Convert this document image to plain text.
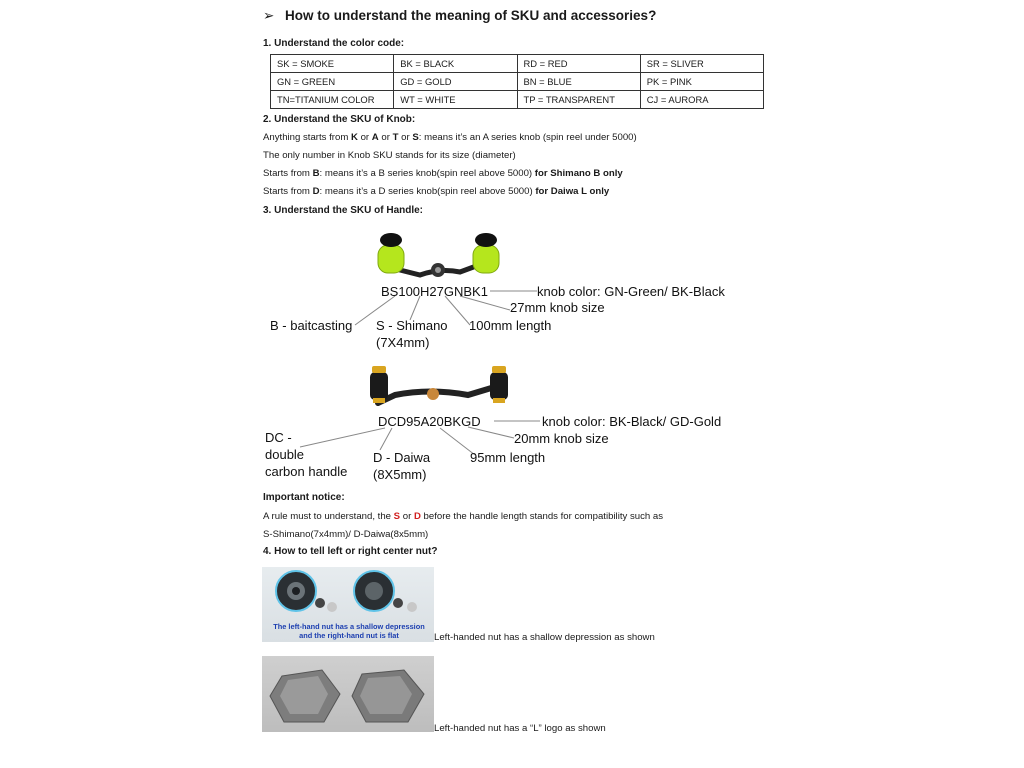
➢ How to understand the meaning of SKU and accessories?
1. Understand the color code:
SK = SMOKE	BK = BLACK	RD = RED	SR = SLIVER
GN = GREEN	GD = GOLD	BN = BLUE	PK = PINK
TN=TITANIUM COLOR	WT = WHITE	TP = TRANSPARENT	CJ = AURORA
2. Understand the SKU of Knob:
Anything starts from K or A or T or S: means it’s an A series knob (spin reel under 5000)
The only number in Knob SKU stands for its size (diameter)
Starts from B: means it’s a B series knob(spin reel above 5000) for Shimano B only
Starts from D: means it’s a D series knob(spin reel above 5000) for Daiwa L only
3. Understand the SKU of Handle:
BS100H27GNBK1	knob color: GN-Green/ BK-Black
27mm knob size
B - baitcasting S - Shimano
(7X4mm)
100mm length
DCD95A20BKGD	knob color: BK-Black/ GD-Gold
20mm knob size
DC -
double
carbon handle
D - Daiwa
(8X5mm)
95mm length
Important notice:
A rule must to understand, the S or D before the handle length stands for compatibility such as
S-Shimano(7x4mm)/ D-Daiwa(8x5mm)
4. How to tell left or right center nut?
The left-hand nut has a shallow depression
and the right-hand nut is flat	Left-handed nut has a shallow depression as shown
Left-handed nut has a “L” logo as shown
